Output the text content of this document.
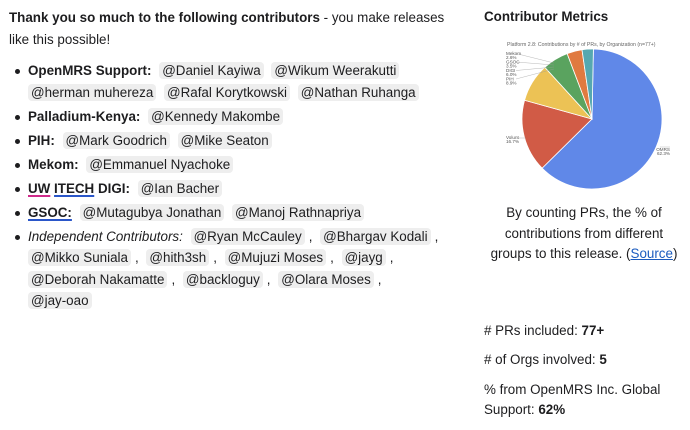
Thank you so much to the following contributors - you make releases like this possible!

OpenMRS Support: @Daniel Kayiwa @Wikum Weerakutti @herman muhereza @Rafal Korytkowski @Nathan Ruhanga
Palladium-Kenya: @Kennedy Makombe
PIH: @Mark Goodrich @Mike Seaton
Mekom: @Emmanuel Nyachoke
UW ITECH DIGI: @Ian Bacher
GSOC: @Mutagubya Jonathan @Manoj Rathnapriya
Independent Contributors: @Ryan McCauley , @Bhargav Kodali , @Mikko Suniala , @hith3sh , @Mujuzi Moses , @jayg , @Deborah Nakamatte , @backloguy , @Olara Moses , @jay-oao
Contributor Metrics
Platform 2.8: Contributions by # of PRs, by Organization (n=77+)
Mekom
2.6%
GSOC
3.5%
DIGI
6.0%
PIH
8.9%
Volunt
16.7%
OMRS
62.3%
By counting PRs, the % of contributions from different groups to this release. (Source)
# PRs included: 77+
# of Orgs involved: 5
% from OpenMRS Inc. Global Support: 62%
